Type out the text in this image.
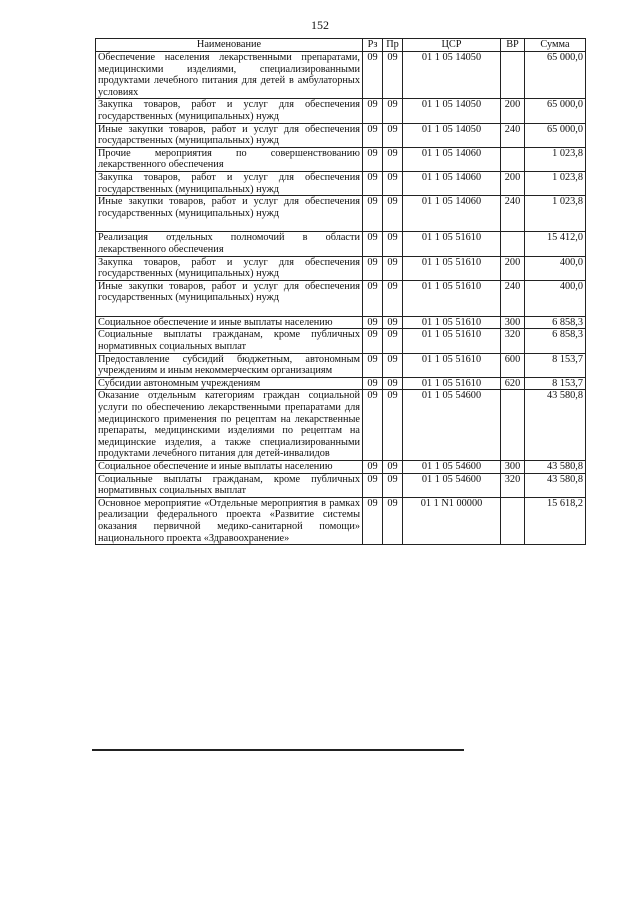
152
Наименование	Рз	Пр	ЦСР	ВР	Сумма
Обеспечение населения лекарственными препаратами, медицинскими изделиями, специализированными продуктами лечебного питания для детей в амбулаторных условиях	09	09	01 1 05 14050		65 000,0
Закупка товаров, работ и услуг для обеспечения государственных (муниципальных) нужд	09	09	01 1 05 14050	200	65 000,0
Иные закупки товаров, работ и услуг для обеспечения государственных (муниципальных) нужд	09	09	01 1 05 14050	240	65 000,0
Прочие мероприятия по совершенствованию лекарственного обеспечения	09	09	01 1 05 14060		1 023,8
Закупка товаров, работ и услуг для обеспечения государственных (муниципальных) нужд	09	09	01 1 05 14060	200	1 023,8
Иные закупки товаров, работ и услуг для обеспечения государственных (муниципальных) нужд	09	09	01 1 05 14060	240	1 023,8
Реализация отдельных полномочий в области лекарственного обеспечения	09	09	01 1 05 51610		15 412,0
Закупка товаров, работ и услуг для обеспечения государственных (муниципальных) нужд	09	09	01 1 05 51610	200	400,0
Иные закупки товаров, работ и услуг для обеспечения государственных (муниципальных) нужд	09	09	01 1 05 51610	240	400,0
Социальное обеспечение и иные выплаты населению	09	09	01 1 05 51610	300	6 858,3
Социальные выплаты гражданам, кроме публичных нормативных социальных выплат	09	09	01 1 05 51610	320	6 858,3
Предоставление субсидий бюджетным, автономным учреждениям и иным некоммерческим организациям	09	09	01 1 05 51610	600	8 153,7
Субсидии автономным учреждениям	09	09	01 1 05 51610	620	8 153,7
Оказание отдельным категориям граждан социальной услуги по обеспечению лекарственными препаратами для медицинского применения по рецептам на лекарственные препараты, медицинскими изделиями по рецептам на медицинские изделия, а также специализированными продуктами лечебного питания для детей-инвалидов	09	09	01 1 05 54600		43 580,8
Социальное обеспечение и иные выплаты населению	09	09	01 1 05 54600	300	43 580,8
Социальные выплаты гражданам, кроме публичных нормативных социальных выплат	09	09	01 1 05 54600	320	43 580,8
Основное мероприятие «Отдельные мероприятия в рамках реализации федерального проекта «Развитие системы оказания первичной медико-санитарной помощи» национального проекта «Здравоохранение»	09	09	01 1 N1 00000		15 618,2
